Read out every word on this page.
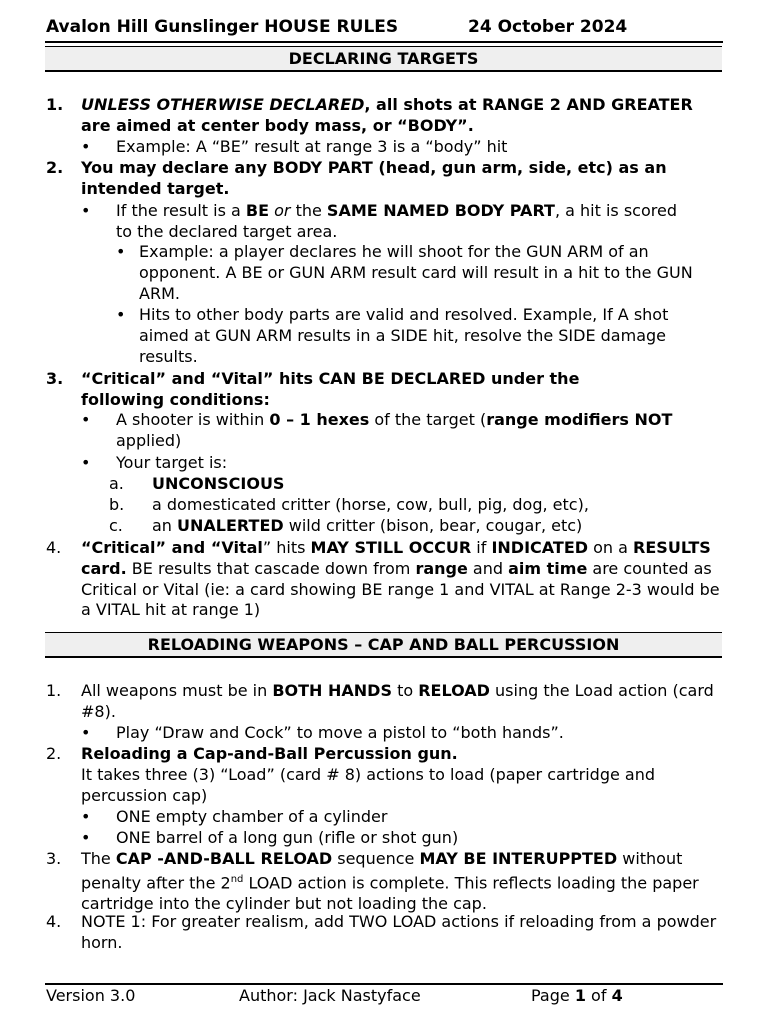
Avalon Hill Gunslinger HOUSE RULES	24 October 2024
DECLARING TARGETS
1.	UNLESS OTHERWISE DECLARED, all shots at RANGE 2 AND GREATER are aimed at center body mass, or “BODY”.
• Example: A “BE” result at range 3 is a “body” hit
2.	You may declare any BODY PART (head, gun arm, side, etc) as an intended target.
• If the result is a BE or the SAME NAMED BODY PART, a hit is scored to the declared target area.
• Example: a player declares he will shoot for the GUN ARM of an opponent. A BE or GUN ARM result card will result in a hit to the GUN ARM.
• Hits to other body parts are valid and resolved. Example, If A shot aimed at GUN ARM results in a SIDE hit, resolve the SIDE damage results.
3.	“Critical” and “Vital” hits CAN BE DECLARED under the following conditions:
• A shooter is within 0 – 1 hexes of the target (range modifiers NOT applied)
• Your target is:
a. UNCONSCIOUS
b. a domesticated critter (horse, cow, bull, pig, dog, etc),
c. an UNALERTED wild critter (bison, bear, cougar, etc)
4.	“Critical” and “Vital” hits MAY STILL OCCUR if INDICATED on a RESULTS card. BE results that cascade down from range and aim time are counted as Critical or Vital (ie: a card showing BE range 1 and VITAL at Range 2-3 would be a VITAL hit at range 1)
RELOADING WEAPONS – CAP AND BALL PERCUSSION
1.	All weapons must be in BOTH HANDS to RELOAD using the Load action (card #8).
• Play “Draw and Cock” to move a pistol to “both hands”.
2.	Reloading a Cap-and-Ball Percussion gun.
It takes three (3) “Load” (card # 8) actions to load (paper cartridge and percussion cap)
• ONE empty chamber of a cylinder
• ONE barrel of a long gun (rifle or shot gun)
3.	The CAP -AND-BALL RELOAD sequence MAY BE INTERUPPTED without penalty after the 2nd LOAD action is complete. This reflects loading the paper cartridge into the cylinder but not loading the cap.
4.	NOTE 1: For greater realism, add TWO LOAD actions if reloading from a powder horn.
Version 3.0	Author: Jack Nastyface	Page 1 of 4
